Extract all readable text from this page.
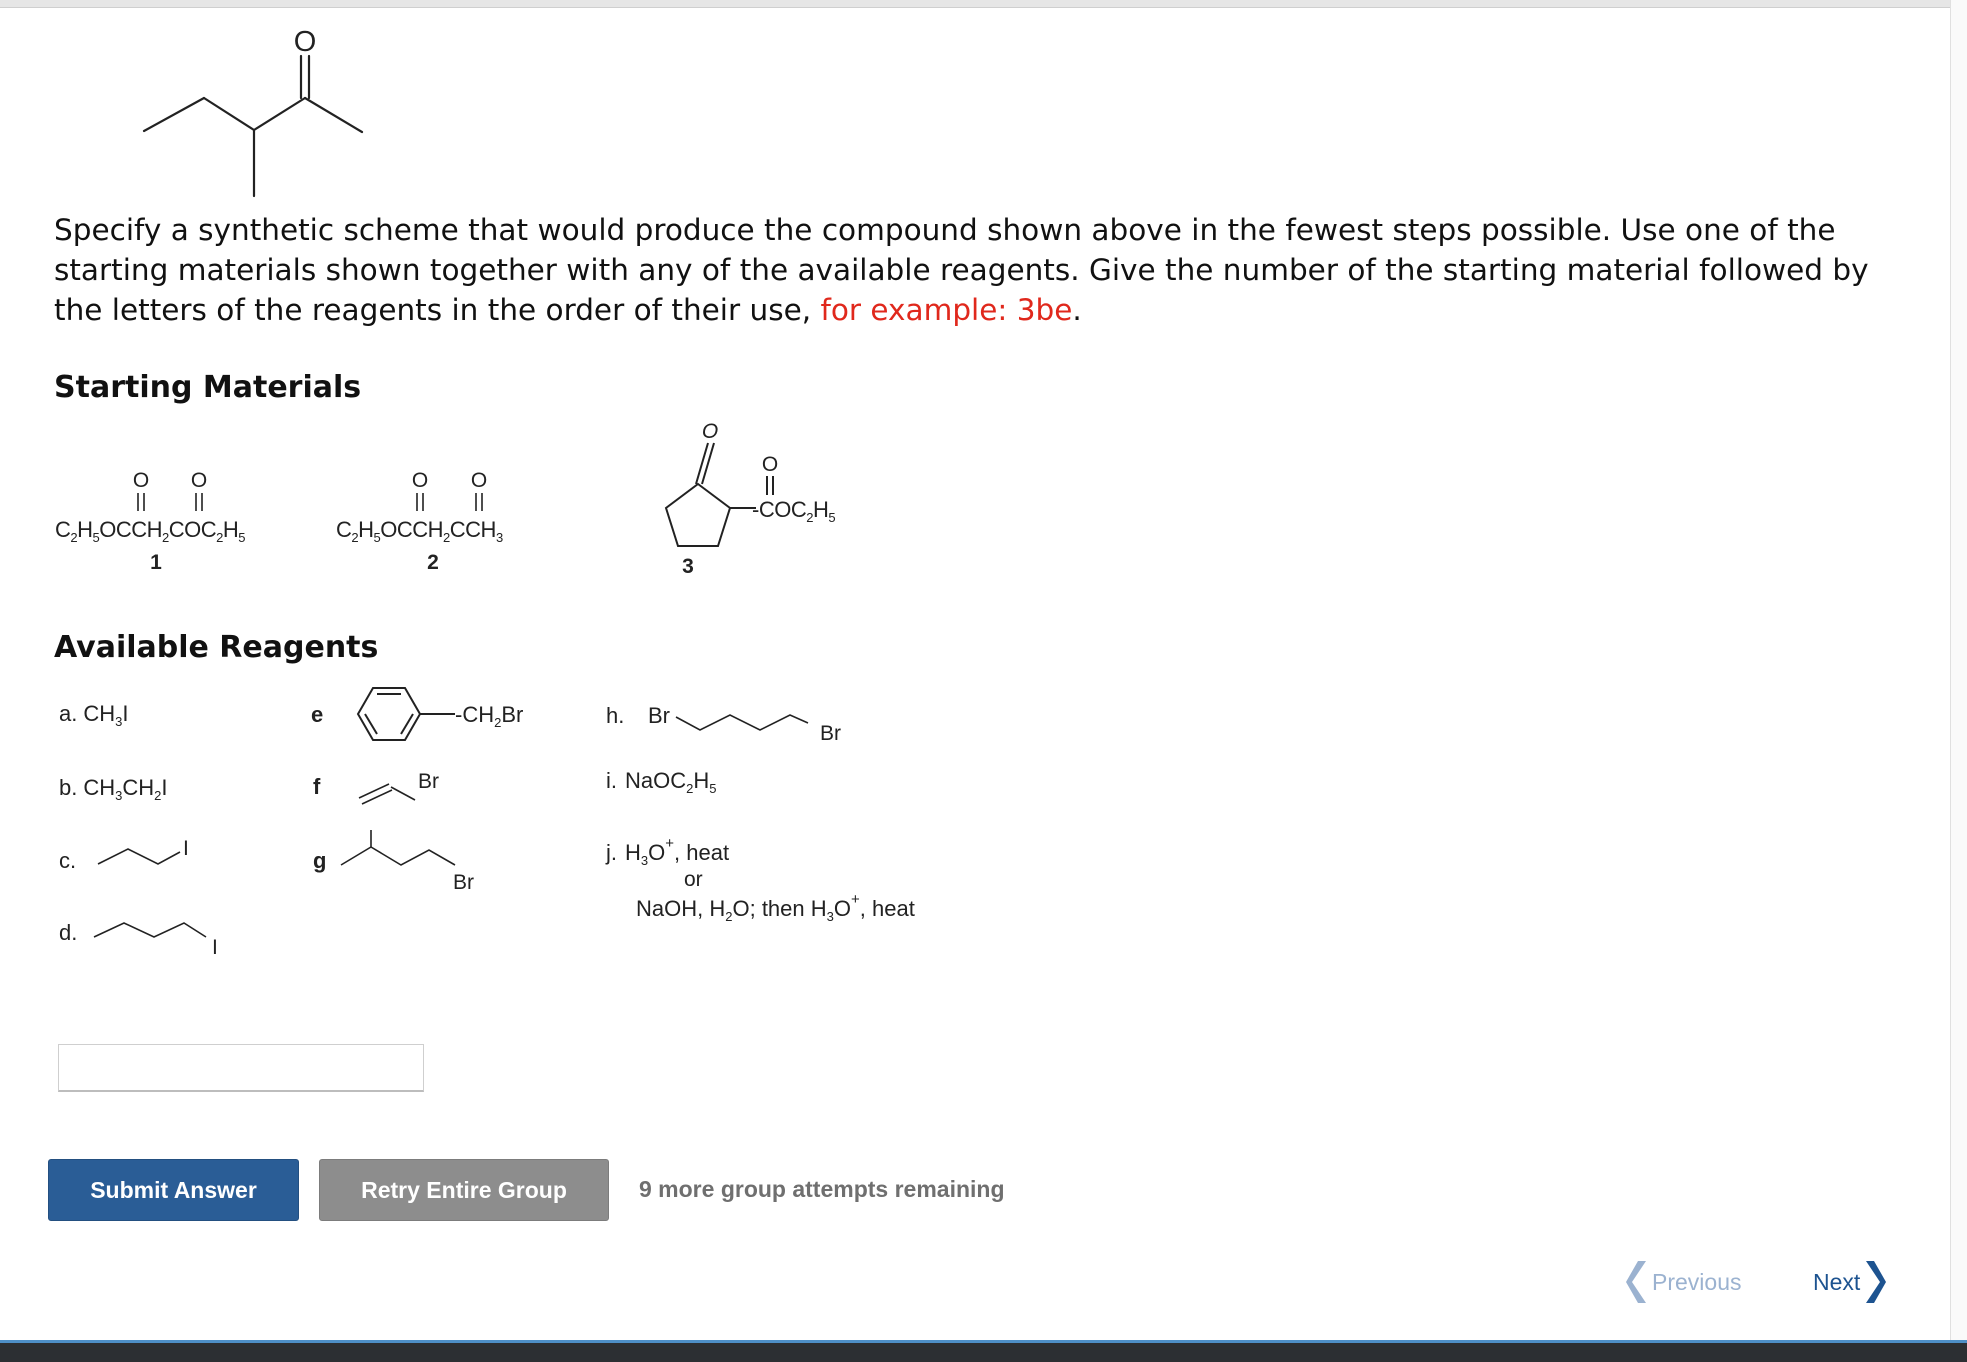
O
Specify a synthetic scheme that would produce the compound shown above in the fewest steps possible. Use one of the starting materials shown together with any of the available reagents. Give the number of the starting material followed by the letters of the reagents in the order of their use, for example: 3be.
Starting Materials
O O
$C_2H_5OCCH_2COC_2H_5$
1
O O
$C_2H_5OCCH_2CCH_3$
2
O
O
$-COC_2H_5$
3
Available Reagents
a. $CH_3I$
b. $CH_3CH_2I$
c.	I
d.
I
e	$-CH_2Br$
f	Br
g
Br
h. Br
Br
i. $NaOC_2H_5$
j. $H_3O^+$, heat
or
NaOH, $H_2O$; then $H_3O^+$, heat
Submit Answer	Retry Entire Group	9 more group attempts remaining
Previous	Next
